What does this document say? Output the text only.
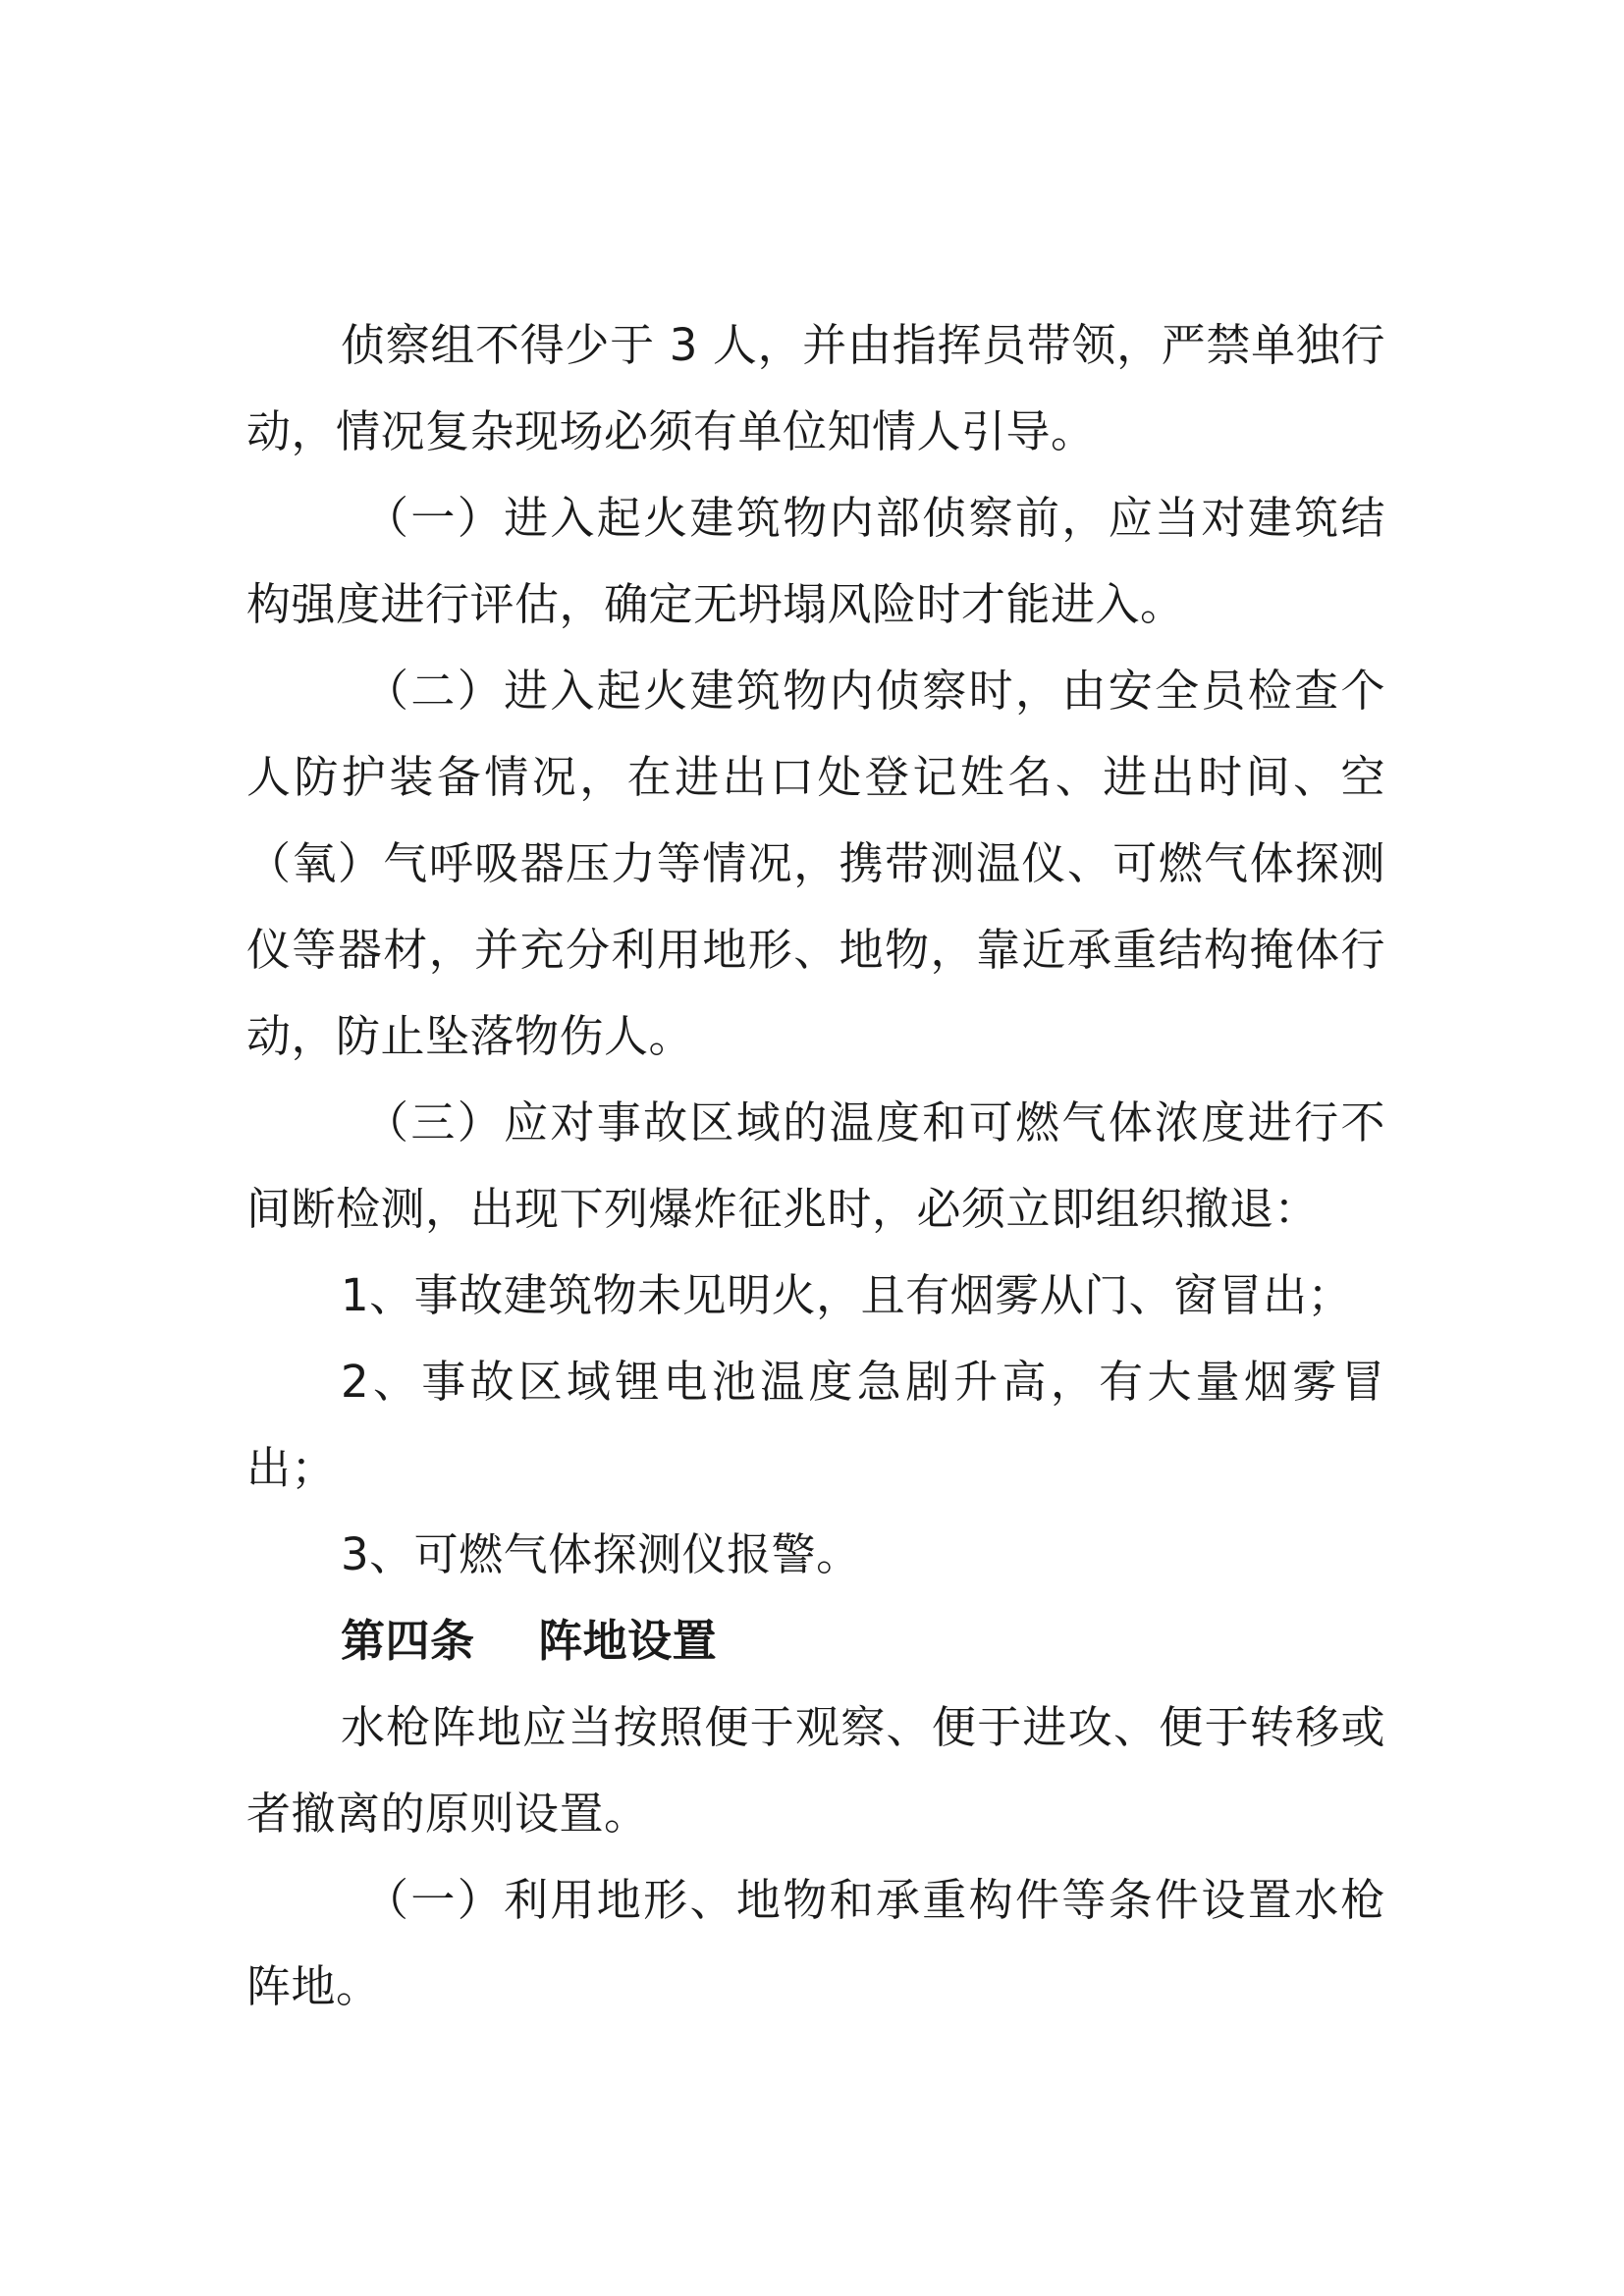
侦察组不得少于 3 人，并由指挥员带领，严禁单独行动，情况复杂现场必须有单位知情人引导。

（一）进入起火建筑物内部侦察前，应当对建筑结构强度进行评估，确定无坍塌风险时才能进入。

（二）进入起火建筑物内侦察时，由安全员检查个人防护装备情况，在进出口处登记姓名、进出时间、空（氧）气呼吸器压力等情况，携带测温仪、可燃气体探测仪等器材，并充分利用地形、地物，靠近承重结构掩体行动，防止坠落物伤人。

（三）应对事故区域的温度和可燃气体浓度进行不间断检测，出现下列爆炸征兆时，必须立即组织撤退：

1、事故建筑物未见明火，且有烟雾从门、窗冒出；

2、事故区域锂电池温度急剧升高，有大量烟雾冒出；

3、可燃气体探测仪报警。

第四条    阵地设置

水枪阵地应当按照便于观察、便于进攻、便于转移或者撤离的原则设置。

（一）利用地形、地物和承重构件等条件设置水枪阵地。
